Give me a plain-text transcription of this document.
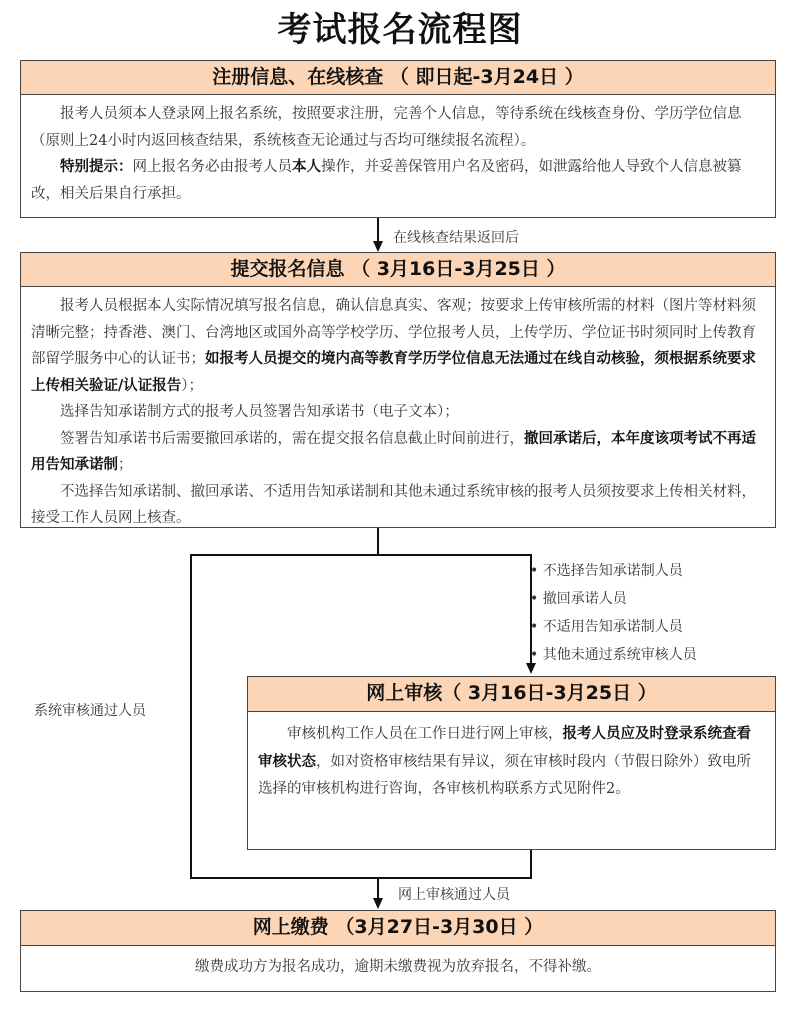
考试报名流程图
注册信息、在线核查 （ 即日起-3月24日 ）

报考人员须本人登录网上报名系统，按照要求注册，完善个人信息，等待系统在线核查身份、学历学位信息（原则上24小时内返回核查结果，系统核查无论通过与否均可继续报名流程）。

特别提示：网上报名务必由报考人员本人操作，并妥善保管用户名及密码，如泄露给他人导致个人信息被篡改，相关后果自行承担。

在线核查结果返回后
提交报名信息 （ 3月16日-3月25日 ）

报考人员根据本人实际情况填写报名信息，确认信息真实、客观；按要求上传审核所需的材料（图片等材料须清晰完整；持香港、澳门、台湾地区或国外高等学校学历、学位报考人员，上传学历、学位证书时须同时上传教育部留学服务中心的认证书；如报考人员提交的境内高等教育学历学位信息无法通过在线自动核验，须根据系统要求上传相关验证/认证报告）；

选择告知承诺制方式的报考人员签署告知承诺书（电子文本）；

签署告知承诺书后需要撤回承诺的，需在提交报名信息截止时间前进行，撤回承诺后，本年度该项考试不再适用告知承诺制；

不选择告知承诺制、撤回承诺、不适用告知承诺制和其他未通过系统审核的报考人员须按要求上传相关材料，接受工作人员网上核查。

• 不选择告知承诺制人员
• 撤回承诺人员
• 不适用告知承诺制人员
• 其他未通过系统审核人员
系统审核通过人员
网上审核（ 3月16日-3月25日 ）

审核机构工作人员在工作日进行网上审核，报考人员应及时登录系统查看审核状态，如对资格审核结果有异议，须在审核时段内（节假日除外）致电所选择的审核机构进行咨询，各审核机构联系方式见附件2。

网上审核通过人员
网上缴费 （3月27日-3月30日 ）

缴费成功方为报名成功，逾期未缴费视为放弃报名，不得补缴。
